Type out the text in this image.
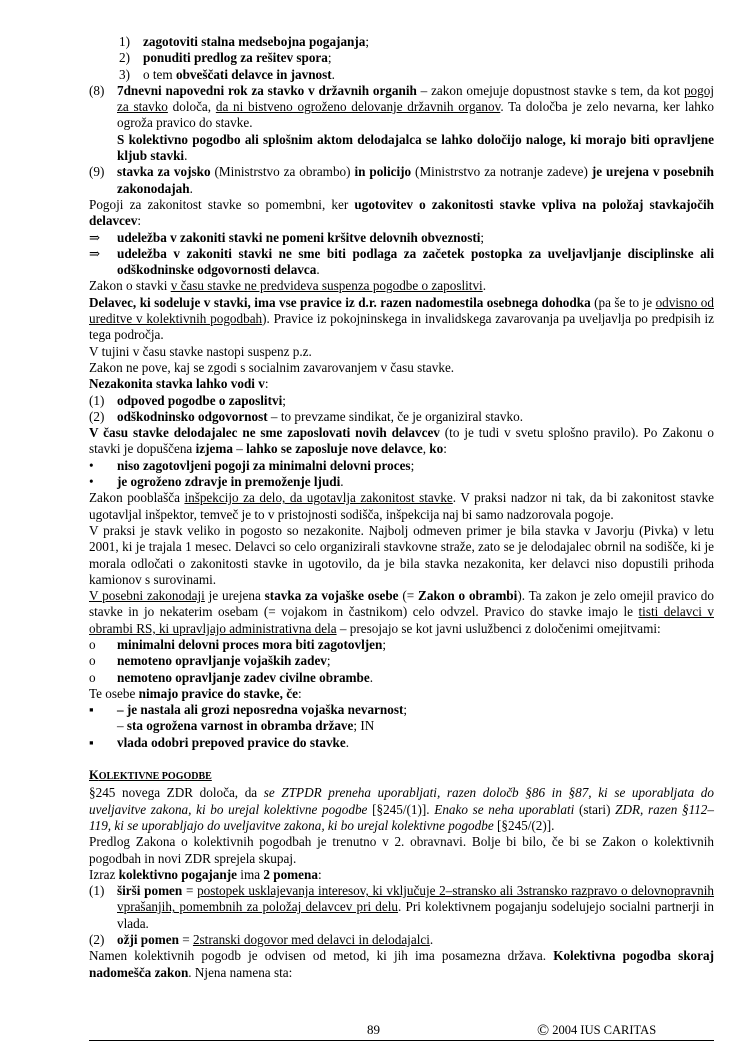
1) zagotoviti stalna medsebojna pogajanja;

2) ponuditi predlog za rešitev spora;

3) o tem obveščati delavce in javnost.

(8) 7dnevni napovedni rok za stavko v državnih organih – zakon omejuje dopustnost stavke s tem, da kot pogoj za stavko določa, da ni bistveno ogroženo delovanje državnih organov. Ta določba je zelo nevarna, ker lahko ogroža pravico do stavke.

S kolektivno pogodbo ali splošnim aktom delodajalca se lahko določijo naloge, ki morajo biti opravljene kljub stavki.

(9) stavka za vojsko (Ministrstvo za obrambo) in policijo (Ministrstvo za notranje zadeve) je urejena v posebnih zakonodajah.

Pogoji za zakonitost stavke so pomembni, ker ugotovitev o zakonitosti stavke vpliva na položaj stavkajočih delavcev:

⇒ udeležba v zakoniti stavki ne pomeni kršitve delovnih obveznosti;

⇒ udeležba v zakoniti stavki ne sme biti podlaga za začetek postopka za uveljavljanje disciplinske ali odškodninske odgovornosti delavca.

Zakon o stavki v času stavke ne predvideva suspenza pogodbe o zaposlitvi.

Delavec, ki sodeluje v stavki, ima vse pravice iz d.r. razen nadomestila osebnega dohodka (pa še to je odvisno od ureditve v kolektivnih pogodbah). Pravice iz pokojninskega in invalidskega zavarovanja pa uveljavlja po predpisih iz tega področja.

V tujini v času stavke nastopi suspenz p.z.

Zakon ne pove, kaj se zgodi s socialnim zavarovanjem v času stavke.

Nezakonita stavka lahko vodi v:

(1) odpoved pogodbe o zaposlitvi;

(2) odškodninsko odgovornost – to prevzame sindikat, če je organiziral stavko.

V času stavke delodajalec ne sme zaposlovati novih delavcev (to je tudi v svetu splošno pravilo). Po Zakonu o stavki je dopuščena izjema – lahko se zaposluje nove delavce, ko:

• niso zagotovljeni pogoji za minimalni delovni proces;

• je ogroženo zdravje in premoženje ljudi.

Zakon pooblašča inšpekcijo za delo, da ugotavlja zakonitost stavke. V praksi nadzor ni tak, da bi zakonitost stavke ugotavljal inšpektor, temveč je to v pristojnosti sodišča, inšpekcija naj bi samo nadzorovala pogoje.

V praksi je stavk veliko in pogosto so nezakonite. Najbolj odmeven primer je bila stavka v Javorju (Pivka) v letu 2001, ki je trajala 1 mesec. Delavci so celo organizirali stavkovne straže, zato se je delodajalec obrnil na sodišče, ki je morala odločati o zakonitosti stavke in ugotovilo, da je bila stavka nezakonita, ker delavci niso dopustili prihoda kamionov s surovinami.

V posebni zakonodaji je urejena stavka za vojaške osebe (= Zakon o obrambi). Ta zakon je zelo omejil pravico do stavke in jo nekaterim osebam (= vojakom in častnikom) celo odvzel. Pravico do stavke imajo le tisti delavci v obrambi RS, ki upravljajo administrativna dela – presojajo se kot javni uslužbenci z določenimi omejitvami:

o minimalni delovni proces mora biti zagotovljen;

o nemoteno opravljanje vojaških zadev;

o nemoteno opravljanje zadev civilne obrambe.

Te osebe nimajo pravice do stavke, če:

▪ – je nastala ali grozi neposredna vojaška nevarnost;

– sta ogrožena varnost in obramba države; IN

▪ vlada odobri prepoved pravice do stavke.

KOLEKTIVNE POGODBE

§245 novega ZDR določa, da se ZTPDR preneha uporabljati, razen določb §86 in §87, ki se uporabljata do uveljavitve zakona, ki bo urejal kolektivne pogodbe [§245/(1)]. Enako se neha uporablati (stari) ZDR, razen §112–119, ki se uporabljajo do uveljavitve zakona, ki bo urejal kolektivne pogodbe [§245/(2)].

Predlog Zakona o kolektivnih pogodbah je trenutno v 2. obravnavi. Bolje bi bilo, če bi se Zakon o kolektivnih pogodbah in novi ZDR sprejela skupaj.

Izraz kolektivno pogajanje ima 2 pomena:

(1) širši pomen = postopek usklajevanja interesov, ki vključuje 2–stransko ali 3stransko razpravo o delovnopravnih vprašanjih, pomembnih za položaj delavcev pri delu. Pri kolektivnem pogajanju sodelujejo socialni partnerji in vlada.

(2) ožji pomen = 2stranski dogovor med delavci in delodajalci.

Namen kolektivnih pogodb je odvisen od metod, ki jih ima posamezna država. Kolektivna pogodba skoraj nadomešča zakon. Njena namena sta:

89	© 2004 IUS CARITAS
